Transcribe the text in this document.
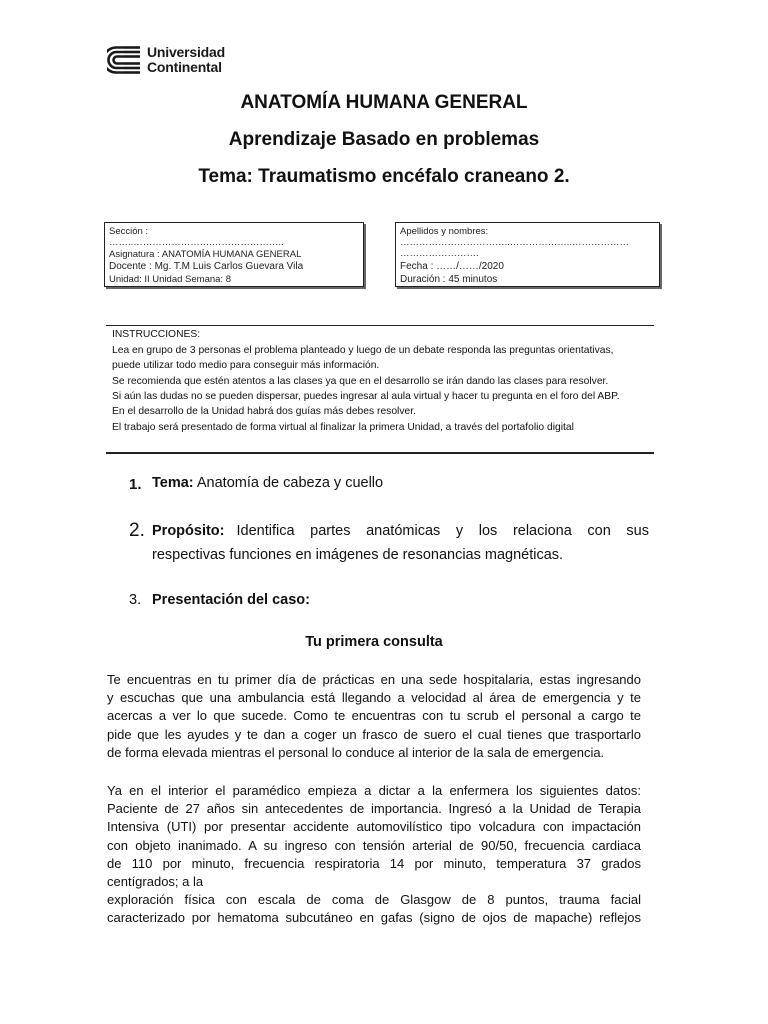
Universidad
Continental
ANATOMÍA HUMANA GENERAL
Aprendizaje Basado en problemas
Tema: Traumatismo encéfalo craneano 2.
Sección :
……..…………………….…………………..
Asignatura : ANATOMÍA HUMANA GENERAL
Docente : Mg. T.M Luis Carlos Guevara Vila
Unidad: II Unidad Semana: 8
Apellidos y nombres:
……………………………..………………..………………
…………………….
Fecha : ……/……/2020
Duración : 45 minutos
INSTRUCCIONES:
Lea en grupo de 3 personas el problema planteado y luego de un debate responda las preguntas orientativas,
puede utilizar todo medio para conseguir más información.
Se recomienda que estén atentos a las clases ya que en el desarrollo se irán dando las clases para resolver.
Si aún las dudas no se pueden dispersar, puedes ingresar al aula virtual y hacer tu pregunta en el foro del ABP.
En el desarrollo de la Unidad habrá dos guías más debes resolver.
El trabajo será presentado de forma virtual al finalizar la primera Unidad, a través del portafolio digital
1. Tema: Anatomía de cabeza y cuello
2. Propósito: Identifica partes anatómicas y los relaciona con sus
respectivas funciones en imágenes de resonancias magnéticas.
3. Presentación del caso:
Tu primera consulta
Te encuentras en tu primer día de prácticas en una sede hospitalaria, estas ingresando
y escuchas que una ambulancia está llegando a velocidad al área de emergencia y te
acercas a ver lo que sucede. Como te encuentras con tu scrub el personal a cargo te
pide que les ayudes y te dan a coger un frasco de suero el cual tienes que trasportarlo
de forma elevada mientras el personal lo conduce al interior de la sala de emergencia.
Ya en el interior el paramédico empieza a dictar a la enfermera los siguientes datos:
Paciente de 27 años sin antecedentes de importancia. Ingresó a la Unidad de Terapia
Intensiva (UTI) por presentar accidente automovilístico tipo volcadura con impactación
con objeto inanimado. A su ingreso con tensión arterial de 90/50, frecuencia cardiaca
de 110 por minuto, frecuencia respiratoria 14 por minuto, temperatura 37 grados
centígrados; a la
exploración física con escala de coma de Glasgow de 8 puntos, trauma facial
caracterizado por hematoma subcutáneo en gafas (signo de ojos de mapache) reflejos
